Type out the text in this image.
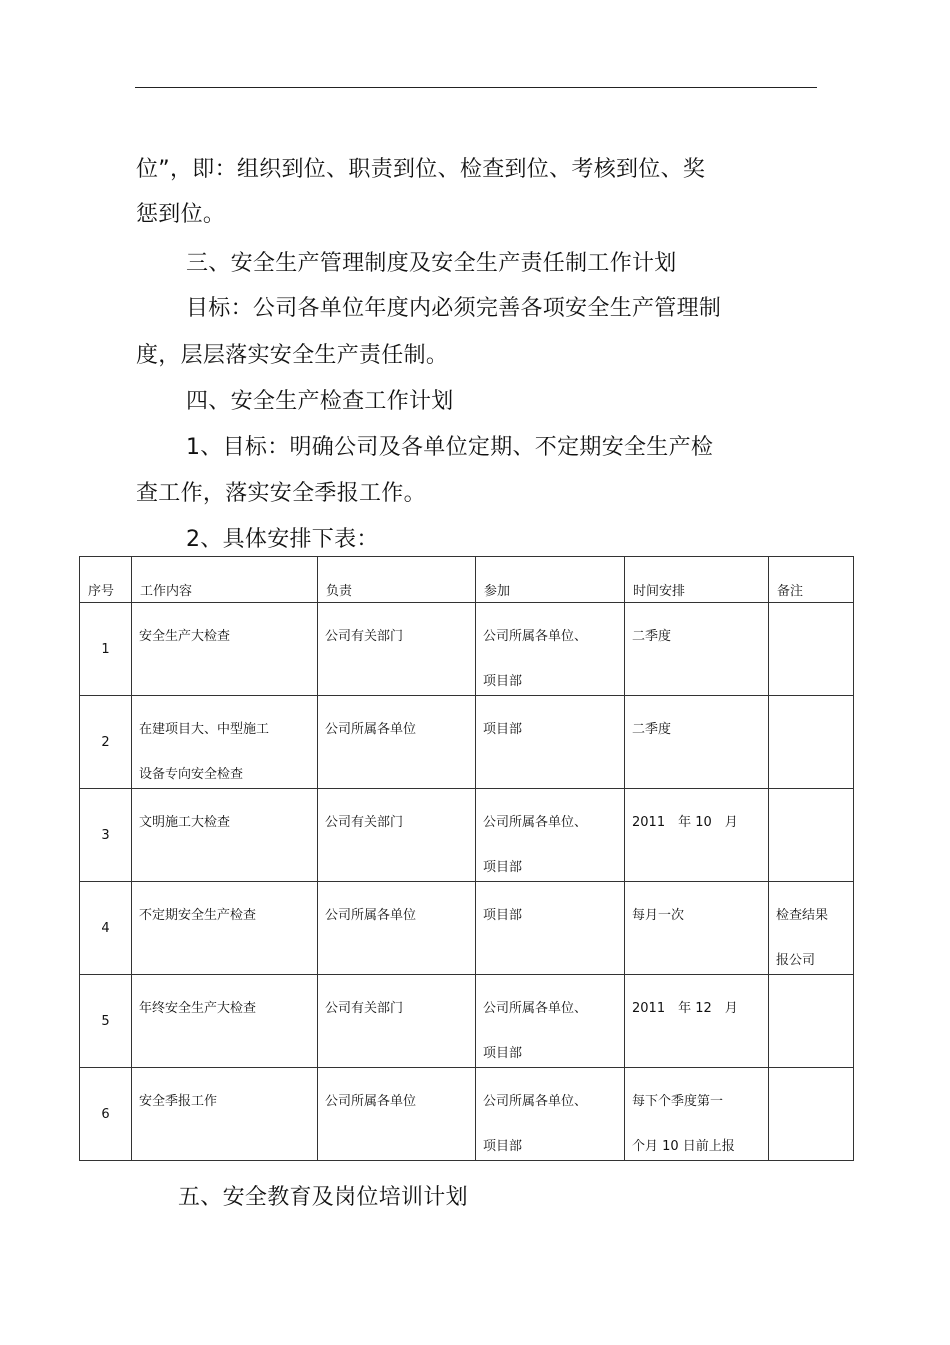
位”，即：组织到位、职责到位、检查到位、考核到位、奖
惩到位。
三、安全生产管理制度及安全生产责任制工作计划
目标：公司各单位年度内必须完善各项安全生产管理制
度，层层落实安全生产责任制。
四、安全生产检查工作计划
1、目标：明确公司及各单位定期、不定期安全生产检
查工作，落实安全季报工作。
2、具体安排下表：
序号	工作内容	负责	参加	时间安排	备注

1	安全生产大检查	公司有关部门	公司所属各单位、
项目部	二季度	

2	在建项目大、中型施工
设备专向安全检查	公司所属各单位	项目部	二季度	

3	文明施工大检查	公司有关部门	公司所属各单位、
项目部	2011　年 10　月	

4	不定期安全生产检查	公司所属各单位	项目部	每月一次	检查结果
报公司

5	年终安全生产大检查	公司有关部门	公司所属各单位、
项目部	2011　年 12　月	

6	安全季报工作	公司所属各单位	公司所属各单位、
项目部	每下个季度第一
个月 10 日前上报	

五、安全教育及岗位培训计划
